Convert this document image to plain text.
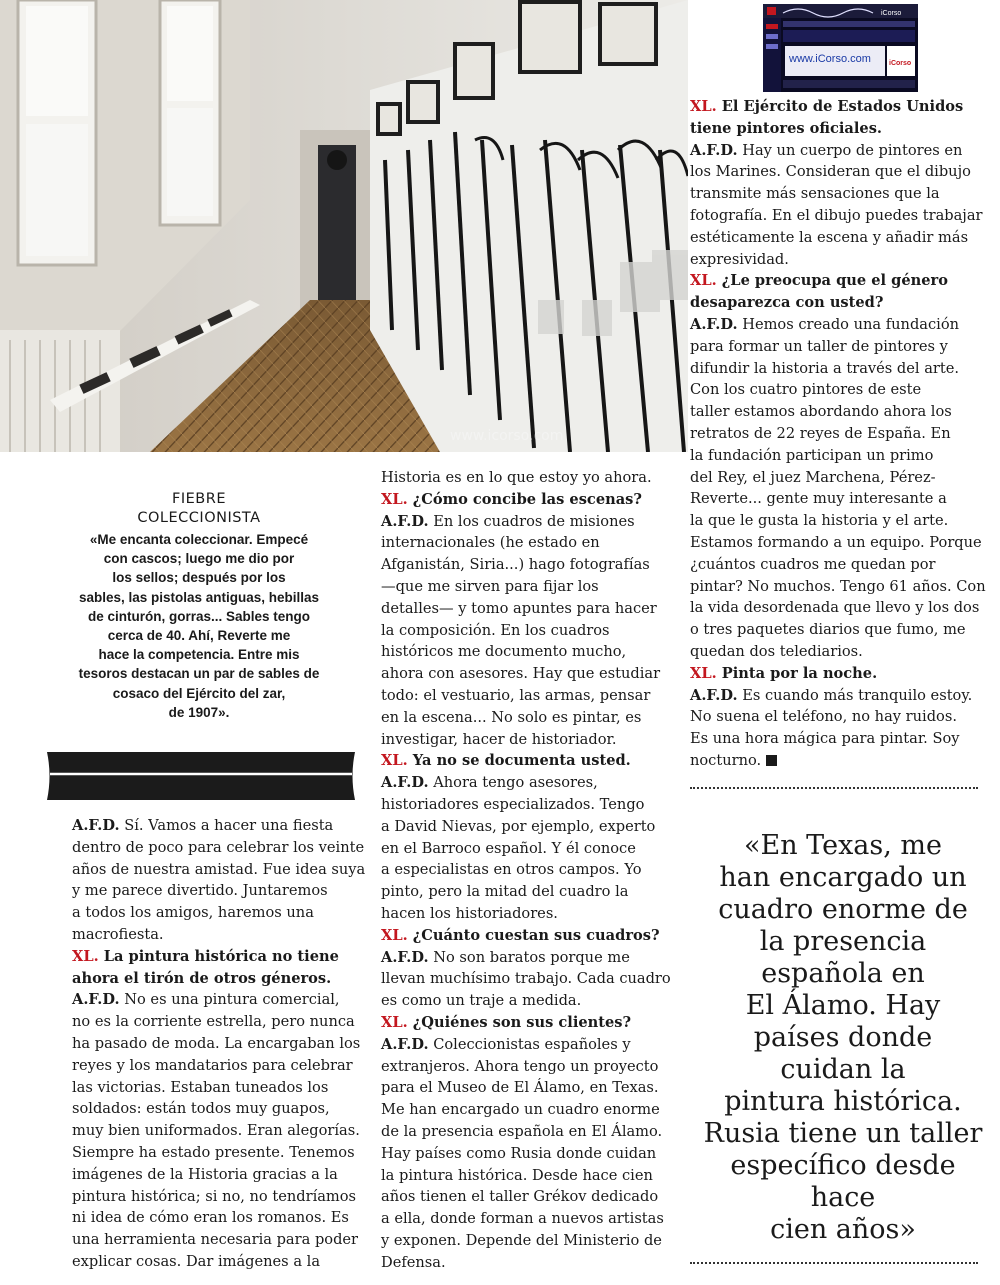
www.icorso.com
iCorso
www.iCorso.com	iCorso

FIEBRE

COLECCIONISTA

«Me encanta coleccionar. Empecé
con cascos; luego me dio por
los sellos; después por los
sables, las pistolas antiguas, hebillas
de cinturón, gorras... Sables tengo
cerca de 40. Ahí, Reverte me
hace la competencia. Entre mis
tesoros destacan un par de sables de
cosaco del Ejército del zar,
de 1907».

A.F.D. Sí. Vamos a hacer una fiesta

dentro de poco para celebrar los veinte

años de nuestra amistad. Fue idea suya

y me parece divertido. Juntaremos

a todos los amigos, haremos una

macrofiesta.

XL. La pintura histórica no tiene

ahora el tirón de otros géneros.

A.F.D. No es una pintura comercial,

no es la corriente estrella, pero nunca

ha pasado de moda. La encargaban los

reyes y los mandatarios para celebrar

las victorias. Estaban tuneados los

soldados: están todos muy guapos,

muy bien uniformados. Eran alegorías.

Siempre ha estado presente. Tenemos

imágenes de la Historia gracias a la

pintura histórica; si no, no tendríamos

ni idea de cómo eran los romanos. Es

una herramienta necesaria para poder

explicar cosas. Dar imágenes a la

Historia es en lo que estoy yo ahora.

XL. ¿Cómo concibe las escenas?

A.F.D. En los cuadros de misiones

internacionales (he estado en

Afganistán, Siria...) hago fotografías

—que me sirven para fijar los

detalles— y tomo apuntes para hacer

la composición. En los cuadros

históricos me documento mucho,

ahora con asesores. Hay que estudiar

todo: el vestuario, las armas, pensar

en la escena... No solo es pintar, es

investigar, hacer de historiador.

XL. Ya no se documenta usted.

A.F.D. Ahora tengo asesores,

historiadores especializados. Tengo

a David Nievas, por ejemplo, experto

en el Barroco español. Y él conoce

a especialistas en otros campos. Yo

pinto, pero la mitad del cuadro la

hacen los historiadores.

XL. ¿Cuánto cuestan sus cuadros?

A.F.D. No son baratos porque me

llevan muchísimo trabajo. Cada cuadro

es como un traje a medida.

XL. ¿Quiénes son sus clientes?

A.F.D. Coleccionistas españoles y

extranjeros. Ahora tengo un proyecto

para el Museo de El Álamo, en Texas.

Me han encargado un cuadro enorme

de la presencia española en El Álamo.

Hay países como Rusia donde cuidan

la pintura histórica. Desde hace cien

años tienen el taller Grékov dedicado

a ella, donde forman a nuevos artistas

y exponen. Depende del Ministerio de

Defensa.

XL. El Ejército de Estados Unidos

tiene pintores oficiales.

A.F.D. Hay un cuerpo de pintores en

los Marines. Consideran que el dibujo

transmite más sensaciones que la

fotografía. En el dibujo puedes trabajar

estéticamente la escena y añadir más

expresividad.

XL. ¿Le preocupa que el género

desaparezca con usted?

A.F.D. Hemos creado una fundación

para formar un taller de pintores y

difundir la historia a través del arte.

Con los cuatro pintores de este

taller estamos abordando ahora los

retratos de 22 reyes de España. En

la fundación participan un primo

del Rey, el juez Marchena, Pérez-

Reverte... gente muy interesante a

la que le gusta la historia y el arte.

Estamos formando a un equipo. Porque

¿cuántos cuadros me quedan por

pintar? No muchos. Tengo 61 años. Con

la vida desordenada que llevo y los dos

o tres paquetes diarios que fumo, me

quedan dos telediarios.

XL. Pinta por la noche.

A.F.D. Es cuando más tranquilo estoy.

No suena el teléfono, no hay ruidos.

Es una hora mágica para pintar. Soy

nocturno.

«En Texas, me

han encargado un

cuadro enorme de

la presencia

española en

El Álamo. Hay

países donde

cuidan la

pintura histórica.

Rusia tiene un taller

específico desde hace

cien años»
